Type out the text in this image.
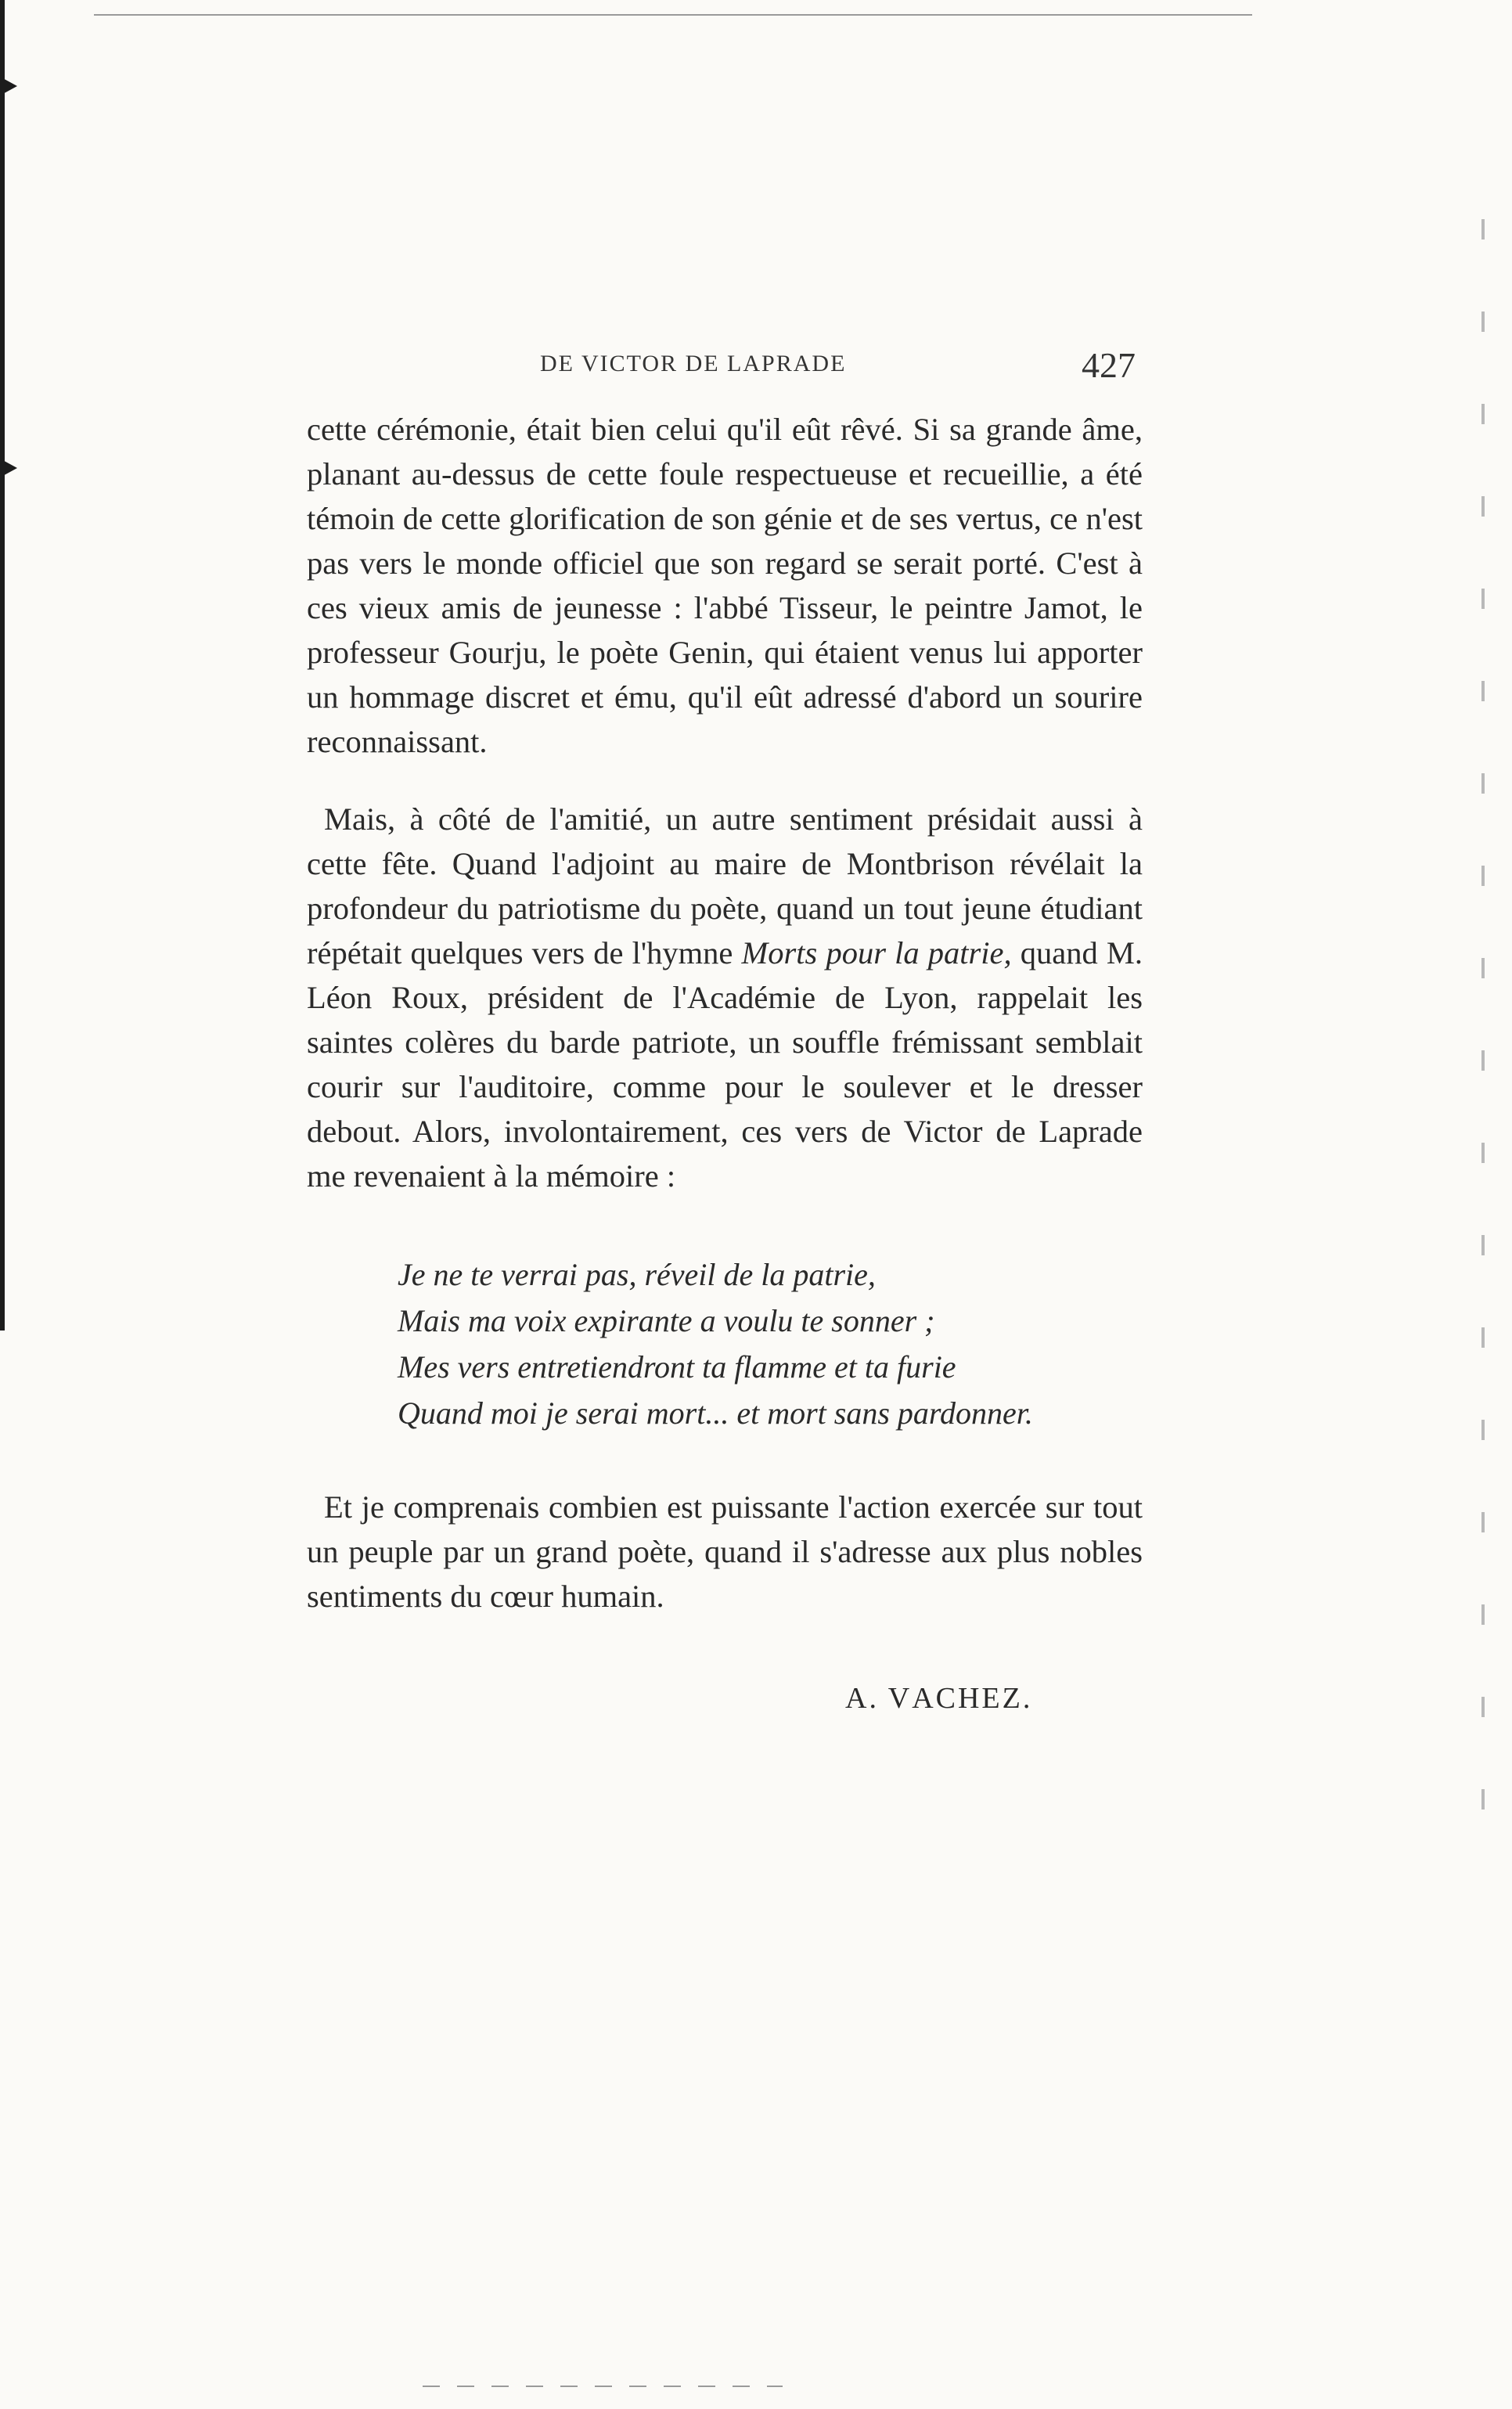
DE VICTOR DE LAPRADE	427

cette cérémonie, était bien celui qu'il eût rêvé. Si sa grande âme, planant au-dessus de cette foule respectueuse et recueillie, a été témoin de cette glorification de son génie et de ses vertus, ce n'est pas vers le monde officiel que son regard se serait porté. C'est à ces vieux amis de jeunesse : l'abbé Tisseur, le peintre Jamot, le professeur Gourju, le poète Genin, qui étaient venus lui apporter un hommage discret et ému, qu'il eût adressé d'abord un sourire reconnaissant.

Mais, à côté de l'amitié, un autre sentiment présidait aussi à cette fête. Quand l'adjoint au maire de Montbrison révélait la profondeur du patriotisme du poète, quand un tout jeune étudiant répétait quelques vers de l'hymne Morts pour la patrie, quand M. Léon Roux, président de l'Académie de Lyon, rappelait les saintes colères du barde patriote, un souffle frémissant semblait courir sur l'auditoire, comme pour le soulever et le dresser debout. Alors, involontairement, ces vers de Victor de Laprade me revenaient à la mémoire :

Je ne te verrai pas, réveil de la patrie,
Mais ma voix expirante a voulu te sonner ;
Mes vers entretiendront ta flamme et ta furie
Quand moi je serai mort... et mort sans pardonner.

Et je comprenais combien est puissante l'action exercée sur tout un peuple par un grand poète, quand il s'adresse aux plus nobles sentiments du cœur humain.

A. VACHEZ.
